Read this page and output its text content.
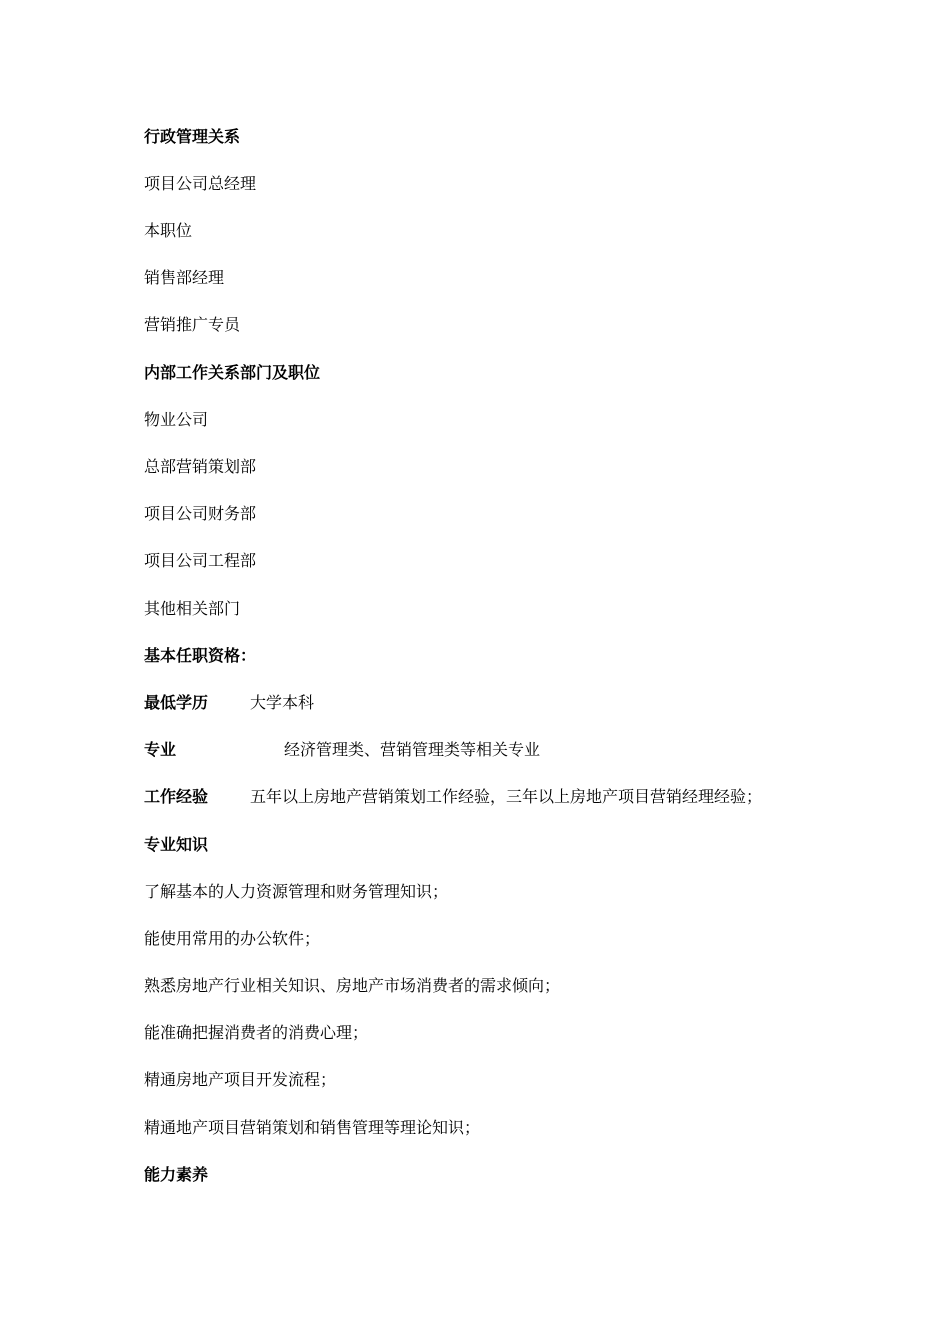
行政管理关系
项目公司总经理
本职位
销售部经理
营销推广专员
内部工作关系部门及职位
物业公司
总部营销策划部
项目公司财务部
项目公司工程部
其他相关部门
基本任职资格：
最低学历	大学本科
专业	经济管理类、营销管理类等相关专业
工作经验	五年以上房地产营销策划工作经验，三年以上房地产项目营销经理经验；
专业知识
了解基本的人力资源管理和财务管理知识；
能使用常用的办公软件；
熟悉房地产行业相关知识、房地产市场消费者的需求倾向；
能准确把握消费者的消费心理；
精通房地产项目开发流程；
精通地产项目营销策划和销售管理等理论知识；
能力素养
